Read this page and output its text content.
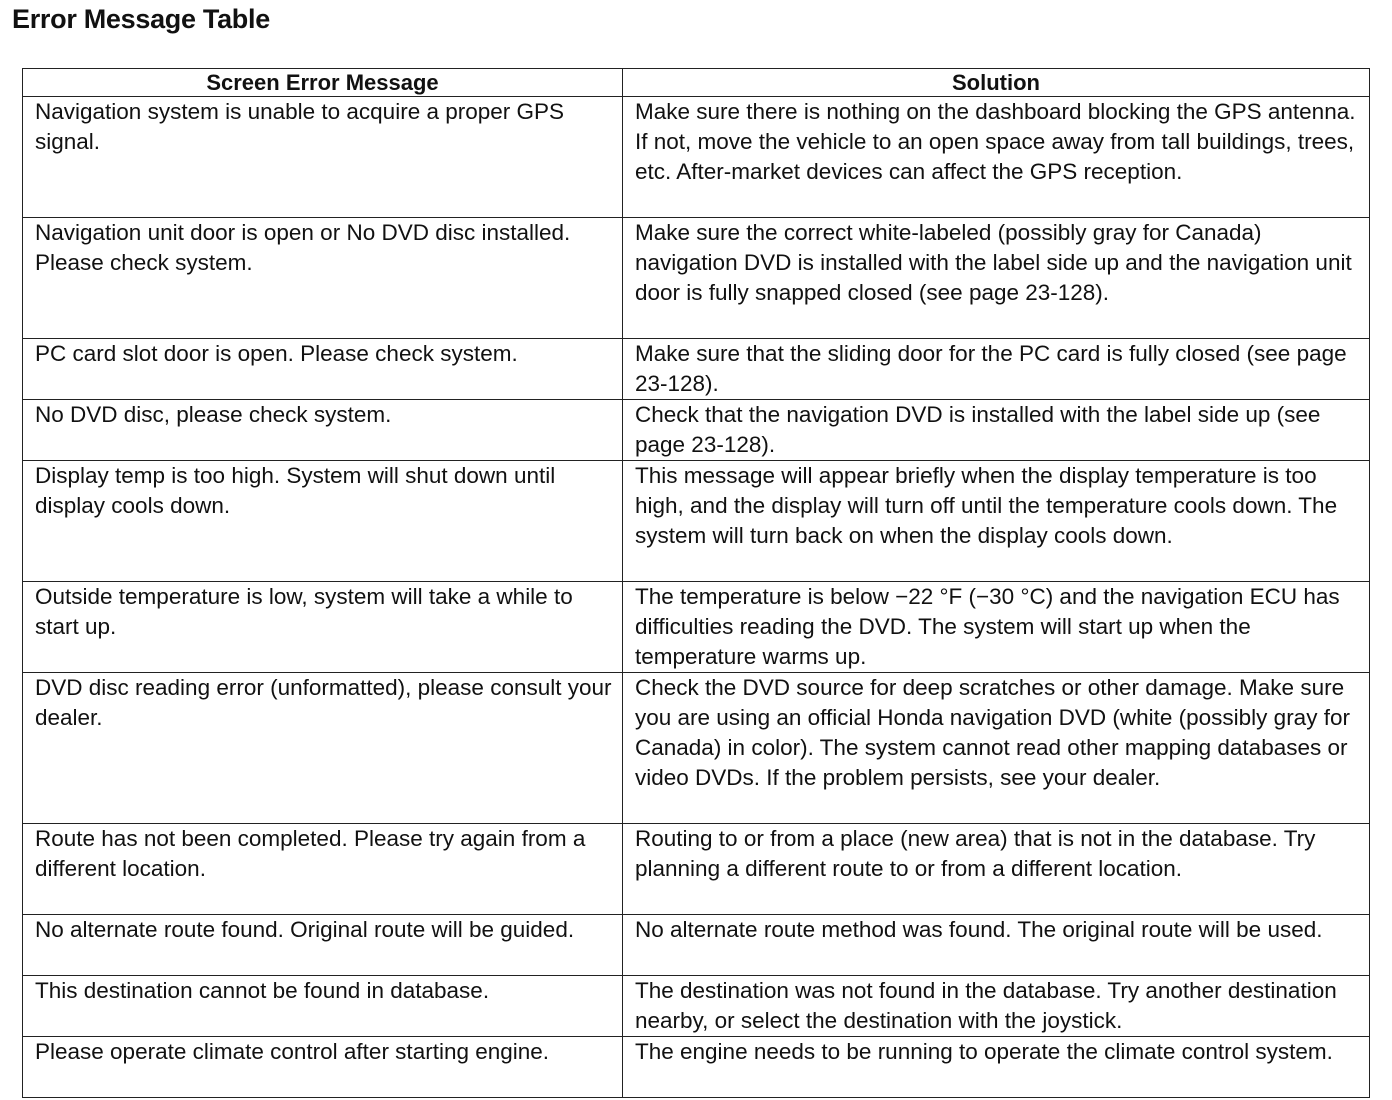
Error Message Table
Screen Error Message	Solution
Navigation system is unable to acquire a proper GPS signal.	Make sure there is nothing on the dashboard blocking the GPS antenna. If not, move the vehicle to an open space away from tall buildings, trees, etc. After-market devices can affect the GPS reception.
Navigation unit door is open or No DVD disc installed. Please check system.	Make sure the correct white-labeled (possibly gray for Canada) navigation DVD is installed with the label side up and the navigation unit door is fully snapped closed (see page 23-128).
PC card slot door is open. Please check system.	Make sure that the sliding door for the PC card is fully closed (see page 23-128).
No DVD disc, please check system.	Check that the navigation DVD is installed with the label side up (see page 23-128).
Display temp is too high. System will shut down until display cools down.	This message will appear briefly when the display temperature is too high, and the display will turn off until the temperature cools down. The system will turn back on when the display cools down.
Outside temperature is low, system will take a while to start up.	The temperature is below −22 °F (−30 °C) and the navigation ECU has difficulties reading the DVD. The system will start up when the temperature warms up.
DVD disc reading error (unformatted), please consult your dealer.	Check the DVD source for deep scratches or other damage. Make sure you are using an official Honda navigation DVD (white (possibly gray for Canada) in color). The system cannot read other mapping databases or video DVDs. If the problem persists, see your dealer.
Route has not been completed. Please try again from a different location.	Routing to or from a place (new area) that is not in the database. Try planning a different route to or from a different location.
No alternate route found. Original route will be guided.	No alternate route method was found. The original route will be used.
This destination cannot be found in database.	The destination was not found in the database. Try another destination nearby, or select the destination with the joystick.
Please operate climate control after starting engine.	The engine needs to be running to operate the climate control system.
